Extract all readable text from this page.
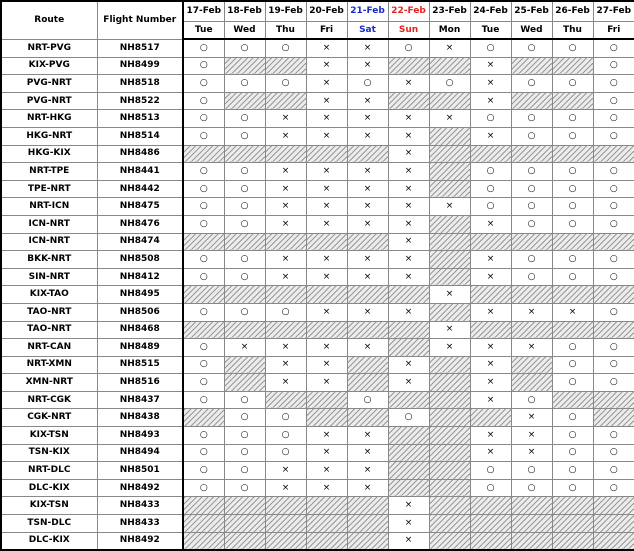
Route	Flight Number	17-Feb	18-Feb	19-Feb	20-Feb	21-Feb	22-Feb	23-Feb	24-Feb	25-Feb	26-Feb	27-Feb
		Tue	Wed	Thu	Fri	Sat	Sun	Mon	Tue	Wed	Thu	Fri
NRT-PVG	NH8517	○	○	○	×	×	○	×	○	○	○	○
KIX-PVG	NH8499	○			×	×			×			○
PVG-NRT	NH8518	○	○	○	×	○	×	○	×	○	○	○
PVG-NRT	NH8522	○			×	×			×			○
NRT-HKG	NH8513	○	○	×	×	×	×	×	○	○	○	○
HKG-NRT	NH8514	○	○	×	×	×	×		×	○	○	○
HKG-KIX	NH8486						×					
NRT-TPE	NH8441	○	○	×	×	×	×		○	○	○	○
TPE-NRT	NH8442	○	○	×	×	×	×		○	○	○	○
NRT-ICN	NH8475	○	○	×	×	×	×	×	○	○	○	○
ICN-NRT	NH8476	○	○	×	×	×	×		×	○	○	○
ICN-NRT	NH8474						×					
BKK-NRT	NH8508	○	○	×	×	×	×		×	○	○	○
SIN-NRT	NH8412	○	○	×	×	×	×		×	○	○	○
KIX-TAO	NH8495							×				
TAO-NRT	NH8506	○	○	○	×	×	×		×	×	×	○
TAO-NRT	NH8468							×				
NRT-CAN	NH8489	○	×	×	×	×		×	×	×	○	○
NRT-XMN	NH8515	○		×	×		×		×		○	○
XMN-NRT	NH8516	○		×	×		×		×		○	○
NRT-CGK	NH8437	○	○			○			×	○		
CGK-NRT	NH8438		○	○			○			×	○	
KIX-TSN	NH8493	○	○	○	×	×			×	×	○	○
TSN-KIX	NH8494	○	○	○	×	×			×	×	○	○
NRT-DLC	NH8501	○	○	×	×	×			○	○	○	○
DLC-KIX	NH8492	○	○	×	×	×			○	○	○	○
KIX-TSN	NH8433						×					
TSN-DLC	NH8433						×					
DLC-KIX	NH8492						×					
